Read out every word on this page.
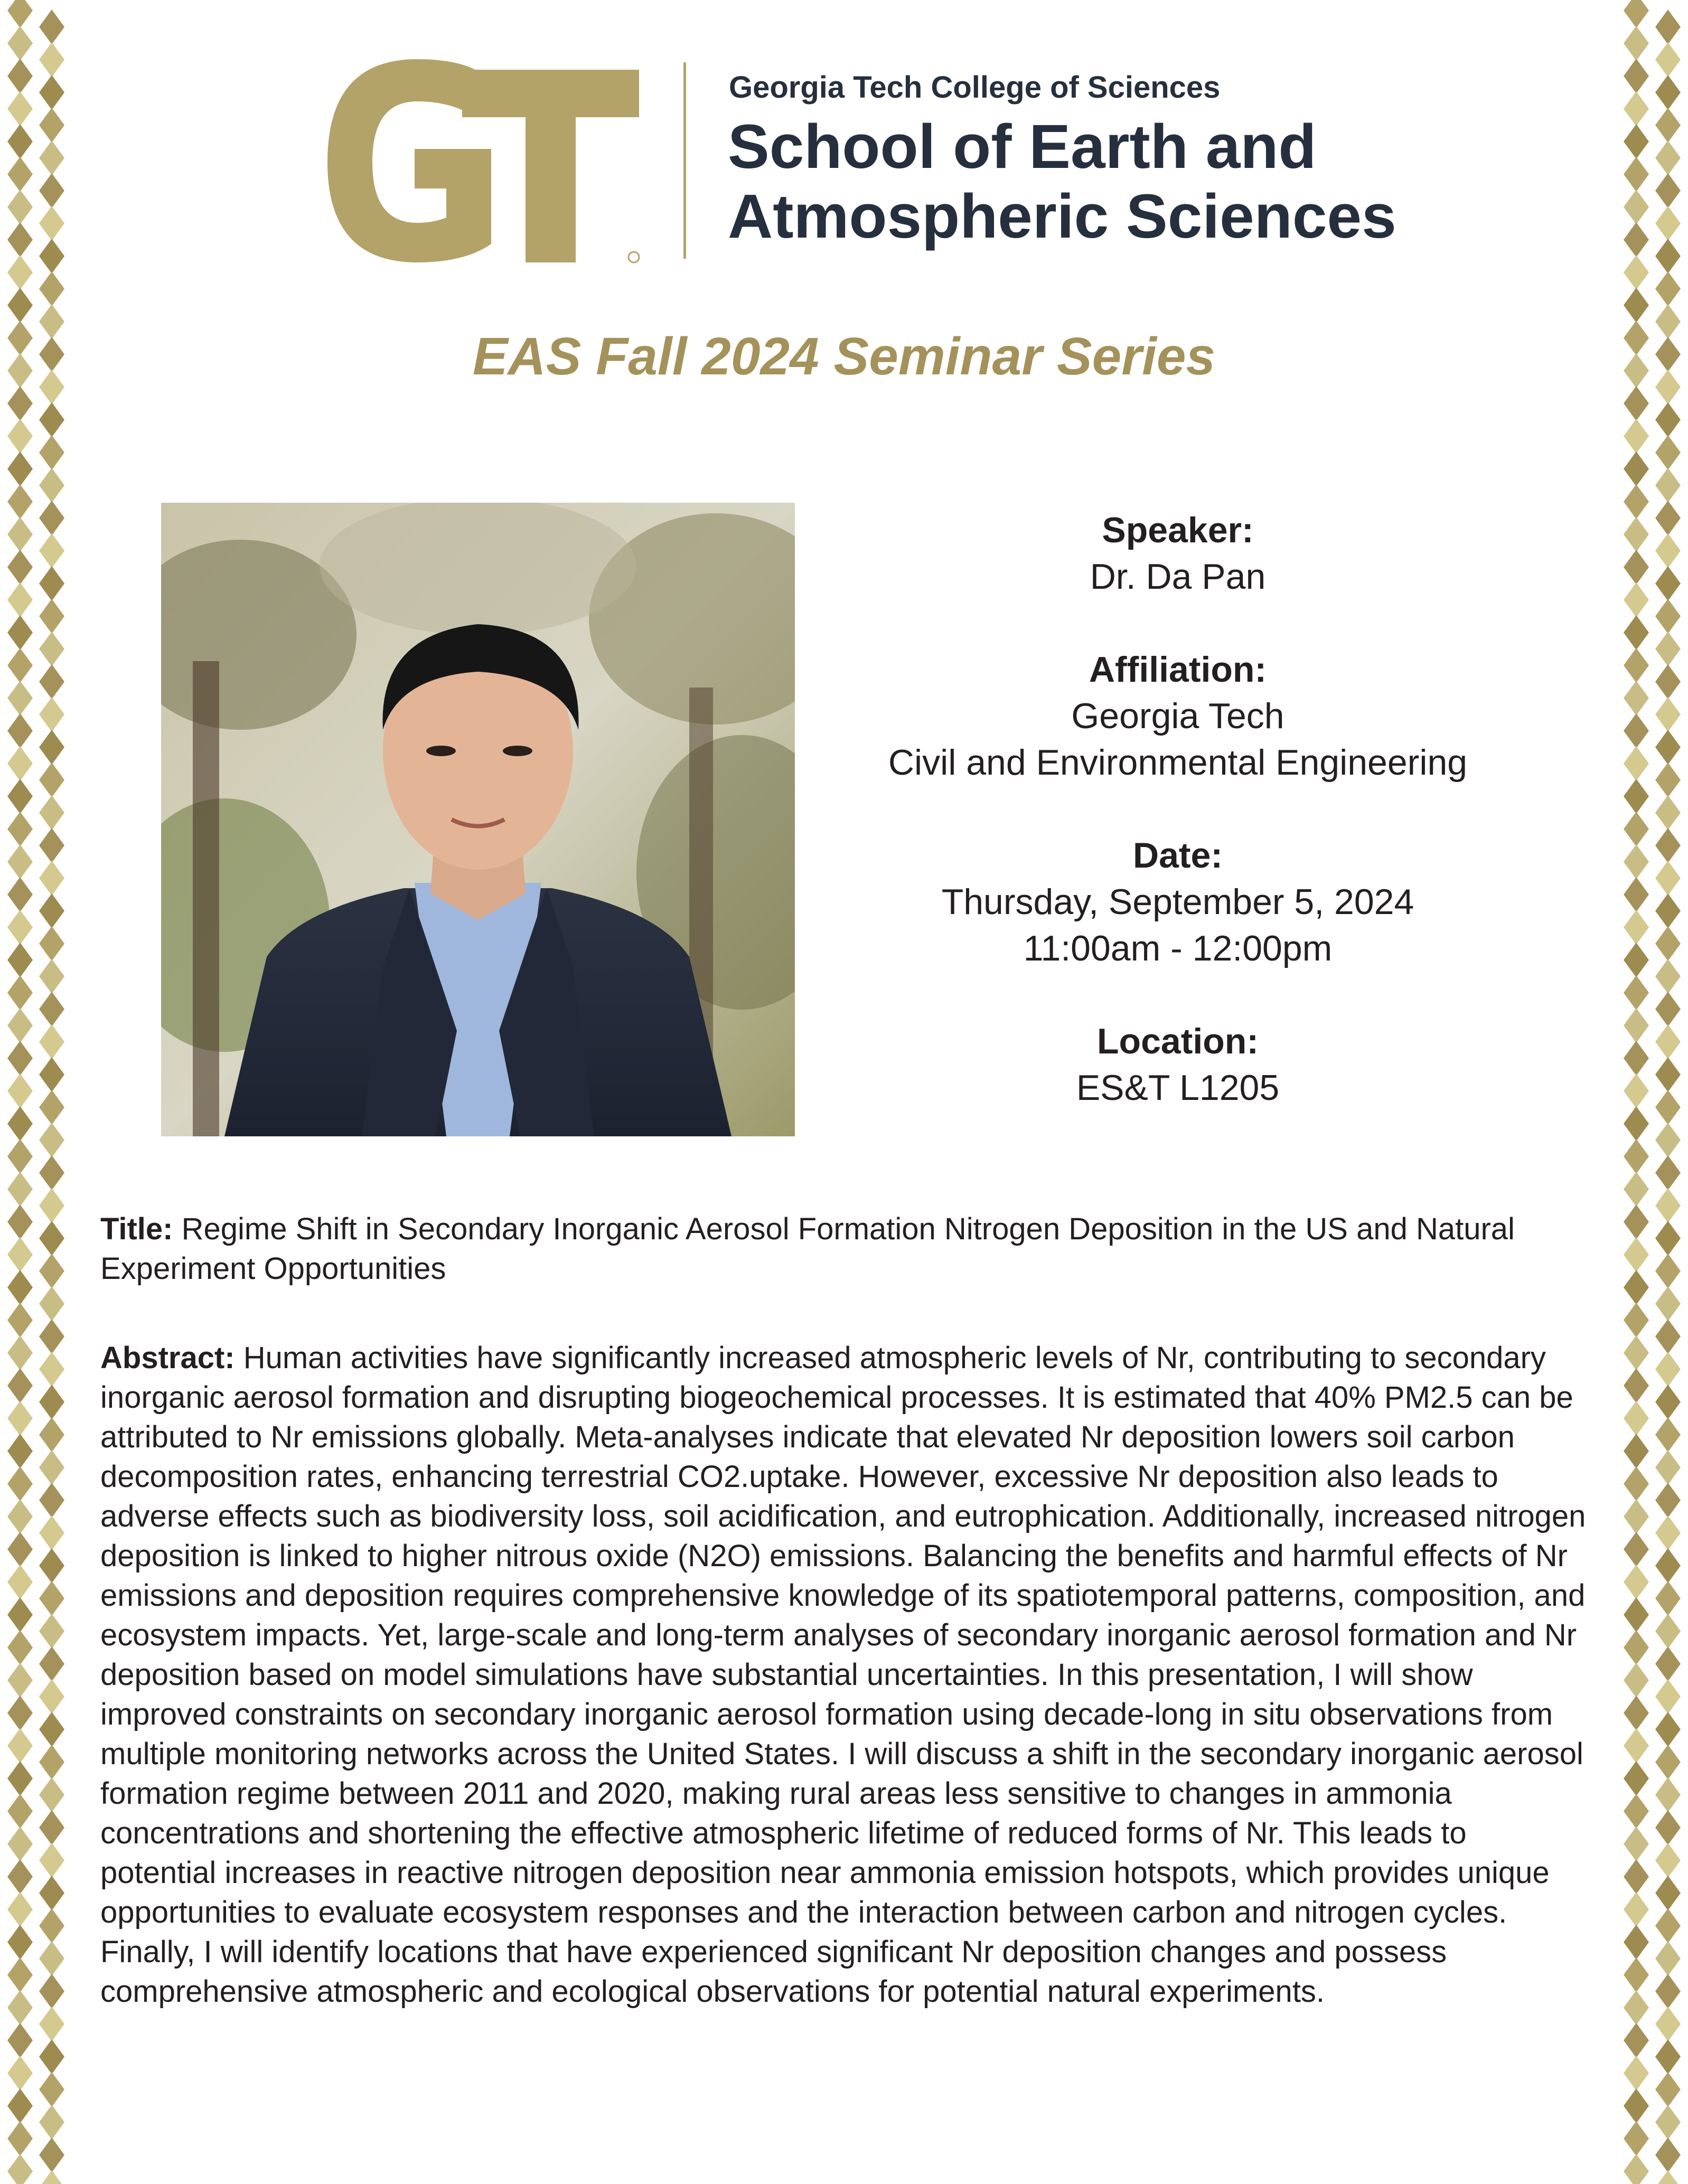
Georgia Tech College of Sciences
School of Earth and
Atmospheric Sciences
EAS Fall 2024 Seminar Series
Speaker:
Dr. Da Pan
Affiliation:
Georgia Tech
Civil and Environmental Engineering
Date:
Thursday, September 5, 2024
11:00am - 12:00pm
Location:
ES&T L1205
Title: Regime Shift in Secondary Inorganic Aerosol Formation Nitrogen Deposition in the US and Natural Experiment Opportunities
Abstract: Human activities have significantly increased atmospheric levels of Nr, contributing to secondary inorganic aerosol formation and disrupting biogeochemical processes. It is estimated that 40% PM2.5 can be attributed to Nr emissions globally. Meta-analyses indicate that elevated Nr deposition lowers soil carbon decomposition rates, enhancing terrestrial CO2.uptake. However, excessive Nr deposition also leads to adverse effects such as biodiversity loss, soil acidification, and eutrophication. Additionally, increased nitrogen deposition is linked to higher nitrous oxide (N2O) emissions. Balancing the benefits and harmful effects of Nr emissions and deposition requires comprehensive knowledge of its spatiotemporal patterns, composition, and ecosystem impacts. Yet, large-scale and long-term analyses of secondary inorganic aerosol formation and Nr deposition based on model simulations have substantial uncertainties. In this presentation, I will show improved constraints on secondary inorganic aerosol formation using decade-long in situ observations from multiple monitoring networks across the United States. I will discuss a shift in the secondary inorganic aerosol formation regime between 2011 and 2020, making rural areas less sensitive to changes in ammonia concentrations and shortening the effective atmospheric lifetime of reduced forms of Nr. This leads to potential increases in reactive nitrogen deposition near ammonia emission hotspots, which provides unique opportunities to evaluate ecosystem responses and the interaction between carbon and nitrogen cycles. Finally, I will identify locations that have experienced significant Nr deposition changes and possess comprehensive atmospheric and ecological observations for potential natural experiments.
